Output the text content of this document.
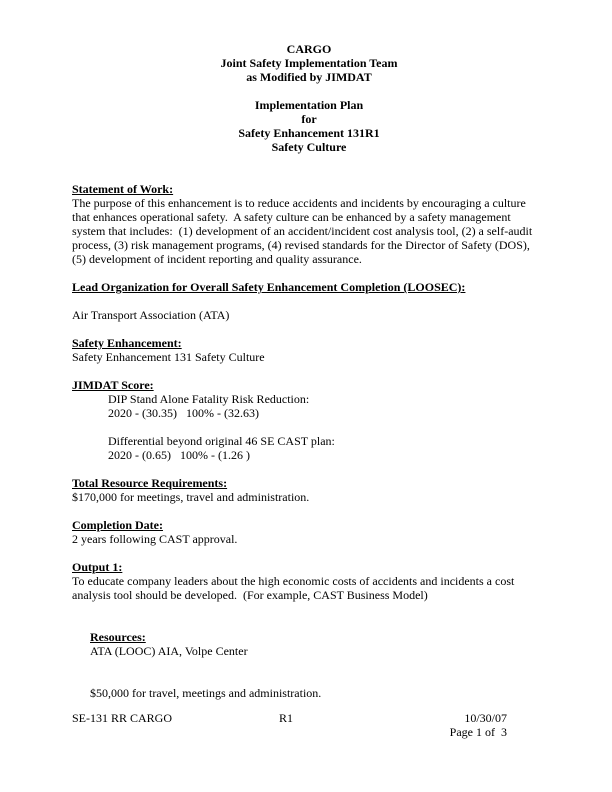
CARGO
Joint Safety Implementation Team
as Modified by JIMDAT
Implementation Plan
for
Safety Enhancement 131R1
Safety Culture
Statement of Work:
The purpose of this enhancement is to reduce accidents and incidents by encouraging a culture
that enhances operational safety.  A safety culture can be enhanced by a safety management
system that includes:  (1) development of an accident/incident cost analysis tool, (2) a self-audit
process, (3) risk management programs, (4) revised standards for the Director of Safety (DOS),
(5) development of incident reporting and quality assurance.
Lead Organization for Overall Safety Enhancement Completion (LOOSEC):
Air Transport Association (ATA)
Safety Enhancement:
Safety Enhancement 131 Safety Culture
JIMDAT Score:
DIP Stand Alone Fatality Risk Reduction:
2020 - (30.35)   100% - (32.63)
Differential beyond original 46 SE CAST plan:
2020 - (0.65)   100% - (1.26 )
Total Resource Requirements:
$170,000 for meetings, travel and administration.
Completion Date:
2 years following CAST approval.
Output 1:
To educate company leaders about the high economic costs of accidents and incidents a cost
analysis tool should be developed.  (For example, CAST Business Model)
Resources:
ATA (LOOC) AIA, Volpe Center
$50,000 for travel, meetings and administration.
SE-131 RR CARGO	R1	10/30/07
Page 1 of  3
